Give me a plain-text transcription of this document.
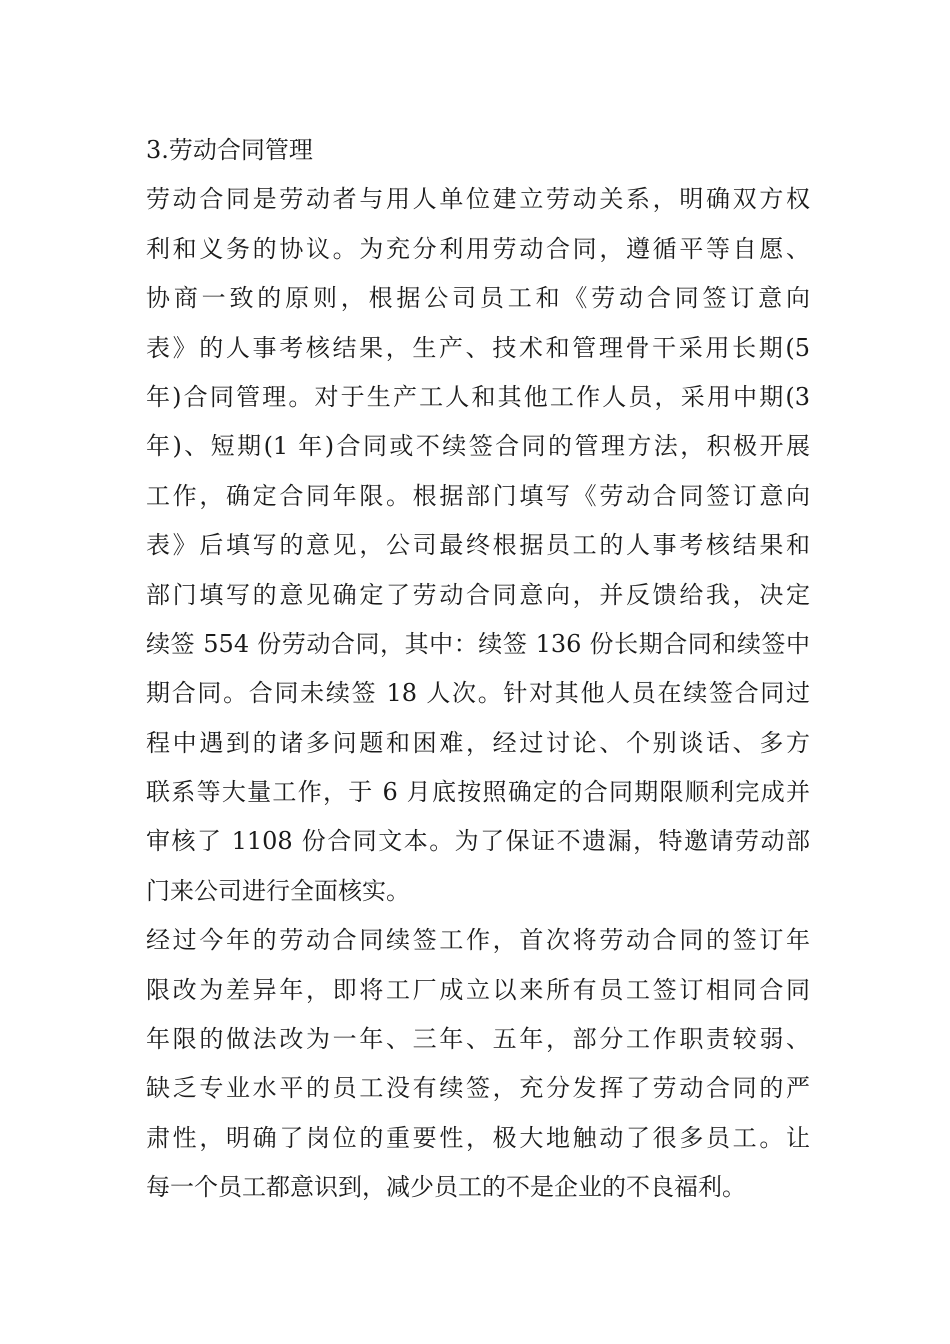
3.劳动合同管理
劳动合同是劳动者与用人单位建立劳动关系，明确双方权
利和义务的协议。为充分利用劳动合同，遵循平等自愿、
协商一致的原则，根据公司员工和《劳动合同签订意向
表》的人事考核结果，生产、技术和管理骨干采用长期(5
年)合同管理。对于生产工人和其他工作人员，采用中期(3
年)、短期(1 年)合同或不续签合同的管理方法，积极开展
工作，确定合同年限。根据部门填写《劳动合同签订意向
表》后填写的意见，公司最终根据员工的人事考核结果和
部门填写的意见确定了劳动合同意向，并反馈给我，决定
续签 554 份劳动合同，其中：续签 136 份长期合同和续签中
期合同。合同未续签 18 人次。针对其他人员在续签合同过
程中遇到的诸多问题和困难，经过讨论、个别谈话、多方
联系等大量工作，于 6 月底按照确定的合同期限顺利完成并
审核了 1108 份合同文本。为了保证不遗漏，特邀请劳动部
门来公司进行全面核实。
经过今年的劳动合同续签工作，首次将劳动合同的签订年
限改为差异年，即将工厂成立以来所有员工签订相同合同
年限的做法改为一年、三年、五年，部分工作职责较弱、
缺乏专业水平的员工没有续签，充分发挥了劳动合同的严
肃性，明确了岗位的重要性，极大地触动了很多员工。让
每一个员工都意识到，减少员工的不是企业的不良福利。
